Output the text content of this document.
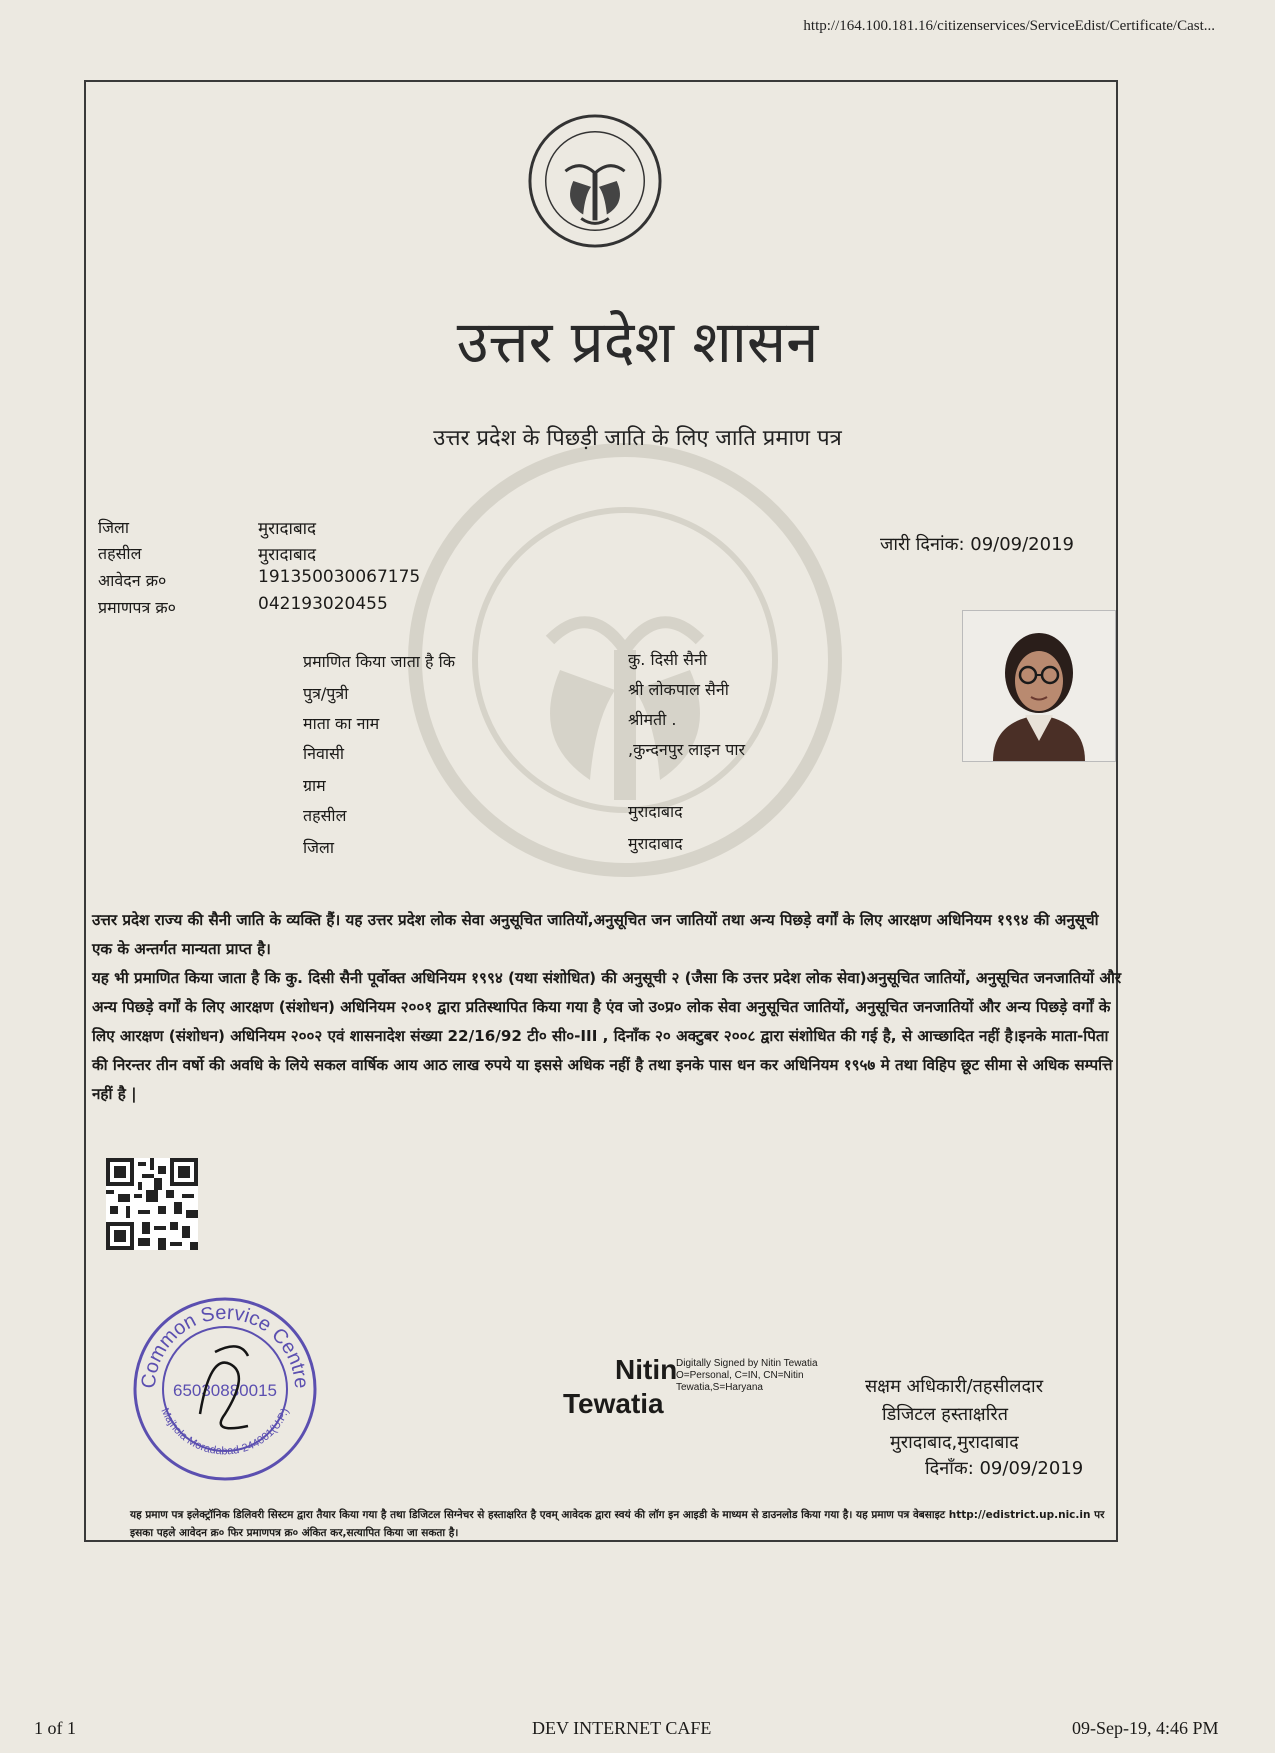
http://164.100.181.16/citizenservices/ServiceEdist/Certificate/Cast...
उत्तर प्रदेश शासन
उत्तर प्रदेश के पिछड़ी जाति के लिए जाति प्रमाण पत्र
जिला	मुरादाबाद
तहसील	मुरादाबाद
आवेदन क्र०	191350030067175
प्रमाणपत्र क्र०	042193020455
जारी दिनांक: 09/09/2019
प्रमाणित किया जाता है कि	कु. दिसी सैनी
पुत्र/पुत्री	श्री लोकपाल सैनी
माता का नाम	श्रीमती .
निवासी	,कुन्दनपुर लाइन पार
ग्राम
तहसील	मुरादाबाद
जिला	मुरादाबाद
उत्तर प्रदेश राज्य की सैनी जाति के व्यक्ति हैं। यह उत्तर प्रदेश लोक सेवा अनुसूचित जातियों,अनुसूचित जन जातियों तथा अन्य पिछड़े वर्गों के लिए आरक्षण अधिनियम १९९४ की अनुसूची एक के अन्तर्गत मान्यता प्राप्त है।
यह भी प्रमाणित किया जाता है कि कु. दिसी सैनी पूर्वोक्त अधिनियम १९९४ (यथा संशोधित) की अनुसूची २ (जैसा कि उत्तर प्रदेश लोक सेवा)अनुसूचित जातियों, अनुसूचित जनजातियों और अन्य पिछड़े वर्गों के लिए आरक्षण (संशोधन) अधिनियम २००१ द्वारा प्रतिस्थापित किया गया है एंव जो उ०प्र० लोक सेवा अनुसूचित जातियों, अनुसूचित जनजातियों और अन्य पिछड़े वर्गों के लिए आरक्षण (संशोधन) अधिनियम २००२ एवं शासनादेश संख्या 22/16/92 टी० सी०-III , दिनाँक २० अक्टुबर २००८ द्वारा संशोधित की गई है, से आच्छादित नहीं है।इनके माता-पिता की निरन्तर तीन वर्षो की अवधि के लिये सकल वार्षिक आय आठ लाख रुपये या इससे अधिक नहीं है तथा इनके पास धन कर अधिनियम १९५७ मे तथा विहिप छूट सीमा से अधिक सम्पत्ति नहीं है |
Common Service Centre
65030880015
Majhola Moradabad-244001(U.P.)
Nitin
Tewatia
Digitally Signed by Nitin Tewatia O=Personal, C=IN, CN=Nitin Tewatia,S=Haryana	सक्षम अधिकारी/तहसीलदार
डिजिटल हस्ताक्षरित
मुरादाबाद,मुरादाबाद
दिनाँक: 09/09/2019
यह प्रमाण पत्र इलेक्ट्रॉनिक डिलिवरी सिस्टम द्वारा तैयार किया गया है तथा डिजिटल सिग्नेचर से हस्ताक्षरित है एवम् आवेदक द्वारा स्वयं की लॉग इन आइडी के माध्यम से डाउनलोड किया गया है। यह प्रमाण पत्र वेबसाइट http://edistrict.up.nic.in पर इसका पहले आवेदन क्र० फिर प्रमाणपत्र क्र० अंकित कर,सत्यापित किया जा सकता है।
1 of 1	DEV INTERNET CAFE	09-Sep-19, 4:46 PM
